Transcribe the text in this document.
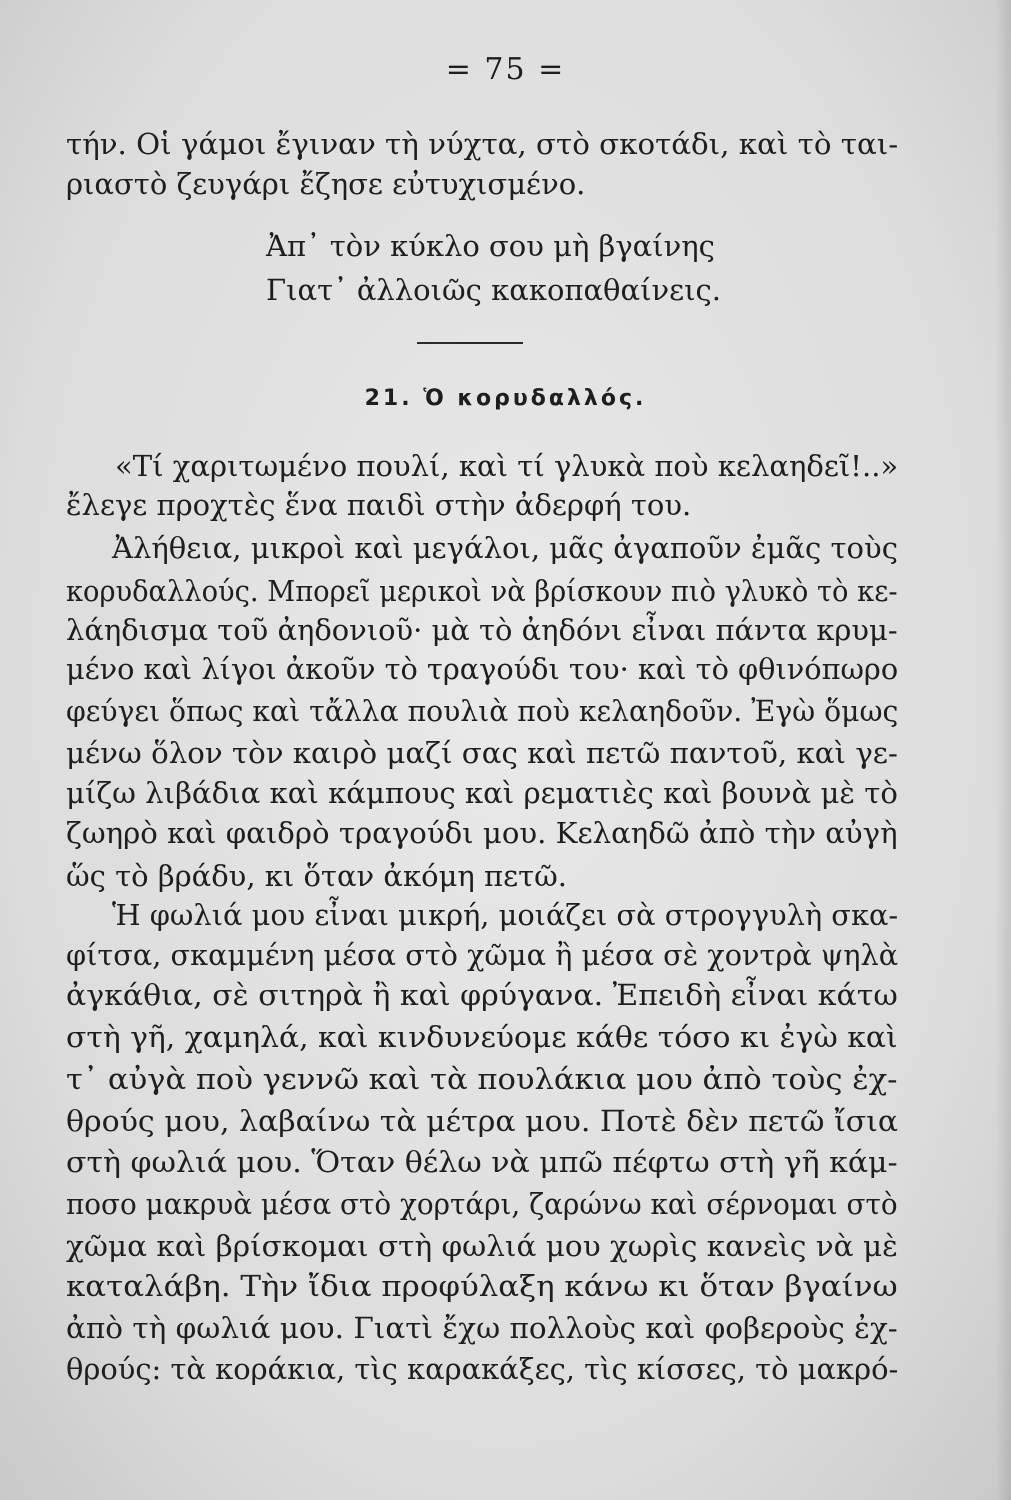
= 75 =
τήν. Οἱ γάμοι ἔγιναν τὴ νύχτα, στὸ σκοτάδι, καὶ τὸ ται-
ριαστὸ ζευγάρι ἔζησε εὐτυχισμένο.
Ἀπ᾽ τὸν κύκλο σου μὴ βγαίνης
Γιατ᾽ ἀλλοιῶς κακοπαθαίνεις.
21. Ὁ κορυδαλλός.
«Τί χαριτωμένο πουλί, καὶ τί γλυκὰ ποὺ κελαηδεῖ!..»
ἔλεγε προχτὲς ἕνα παιδὶ στὴν ἀδερφή του.
Ἀλήθεια, μικροὶ καὶ μεγάλοι, μᾶς ἀγαποῦν ἐμᾶς τοὺς
κορυδαλλούς. Μπορεῖ μερικοὶ νὰ βρίσκουν πιὸ γλυκὸ τὸ κε-
λάηδισμα τοῦ ἀηδονιοῦ· μὰ τὸ ἀηδόνι εἶναι πάντα κρυμ-
μένο καὶ λίγοι ἀκοῦν τὸ τραγούδι του· καὶ τὸ φθινόπωρο
φεύγει ὅπως καὶ τἄλλα πουλιὰ ποὺ κελαηδοῦν. Ἐγὼ ὅμως
μένω ὅλον τὸν καιρὸ μαζί σας καὶ πετῶ παντοῦ, καὶ γε-
μίζω λιβάδια καὶ κάμπους καὶ ρεματιὲς καὶ βουνὰ μὲ τὸ
ζωηρὸ καὶ φαιδρὸ τραγούδι μου. Κελαηδῶ ἀπὸ τὴν αὐγὴ
ὥς τὸ βράδυ, κι ὅταν ἀκόμη πετῶ.
Ἡ φωλιά μου εἶναι μικρή, μοιάζει σὰ στρογγυλὴ σκα-
φίτσα, σκαμμένη μέσα στὸ χῶμα ἢ μέσα σὲ χοντρὰ ψηλὰ
ἀγκάθια, σὲ σιτηρὰ ἢ καὶ φρύγανα. Ἐπειδὴ εἶναι κάτω
στὴ γῆ, χαμηλά, καὶ κινδυνεύομε κάθε τόσο κι ἐγὼ καὶ
τ᾽ αὐγὰ ποὺ γεννῶ καὶ τὰ πουλάκια μου ἀπὸ τοὺς ἐχ-
θρούς μου, λαβαίνω τὰ μέτρα μου. Ποτὲ δὲν πετῶ ἴσια
στὴ φωλιά μου. Ὅταν θέλω νὰ μπῶ πέφτω στὴ γῆ κάμ-
ποσο μακρυὰ μέσα στὸ χορτάρι, ζαρώνω καὶ σέρνομαι στὸ
χῶμα καὶ βρίσκομαι στὴ φωλιά μου χωρὶς κανεὶς νὰ μὲ
καταλάβη. Τὴν ἴδια προφύλαξη κάνω κι ὅταν βγαίνω
ἀπὸ τὴ φωλιά μου. Γιατὶ ἔχω πολλοὺς καὶ φοβεροὺς ἐχ-
θρούς: τὰ κοράκια, τὶς καρακάξες, τὶς κίσσες, τὸ μακρό-
